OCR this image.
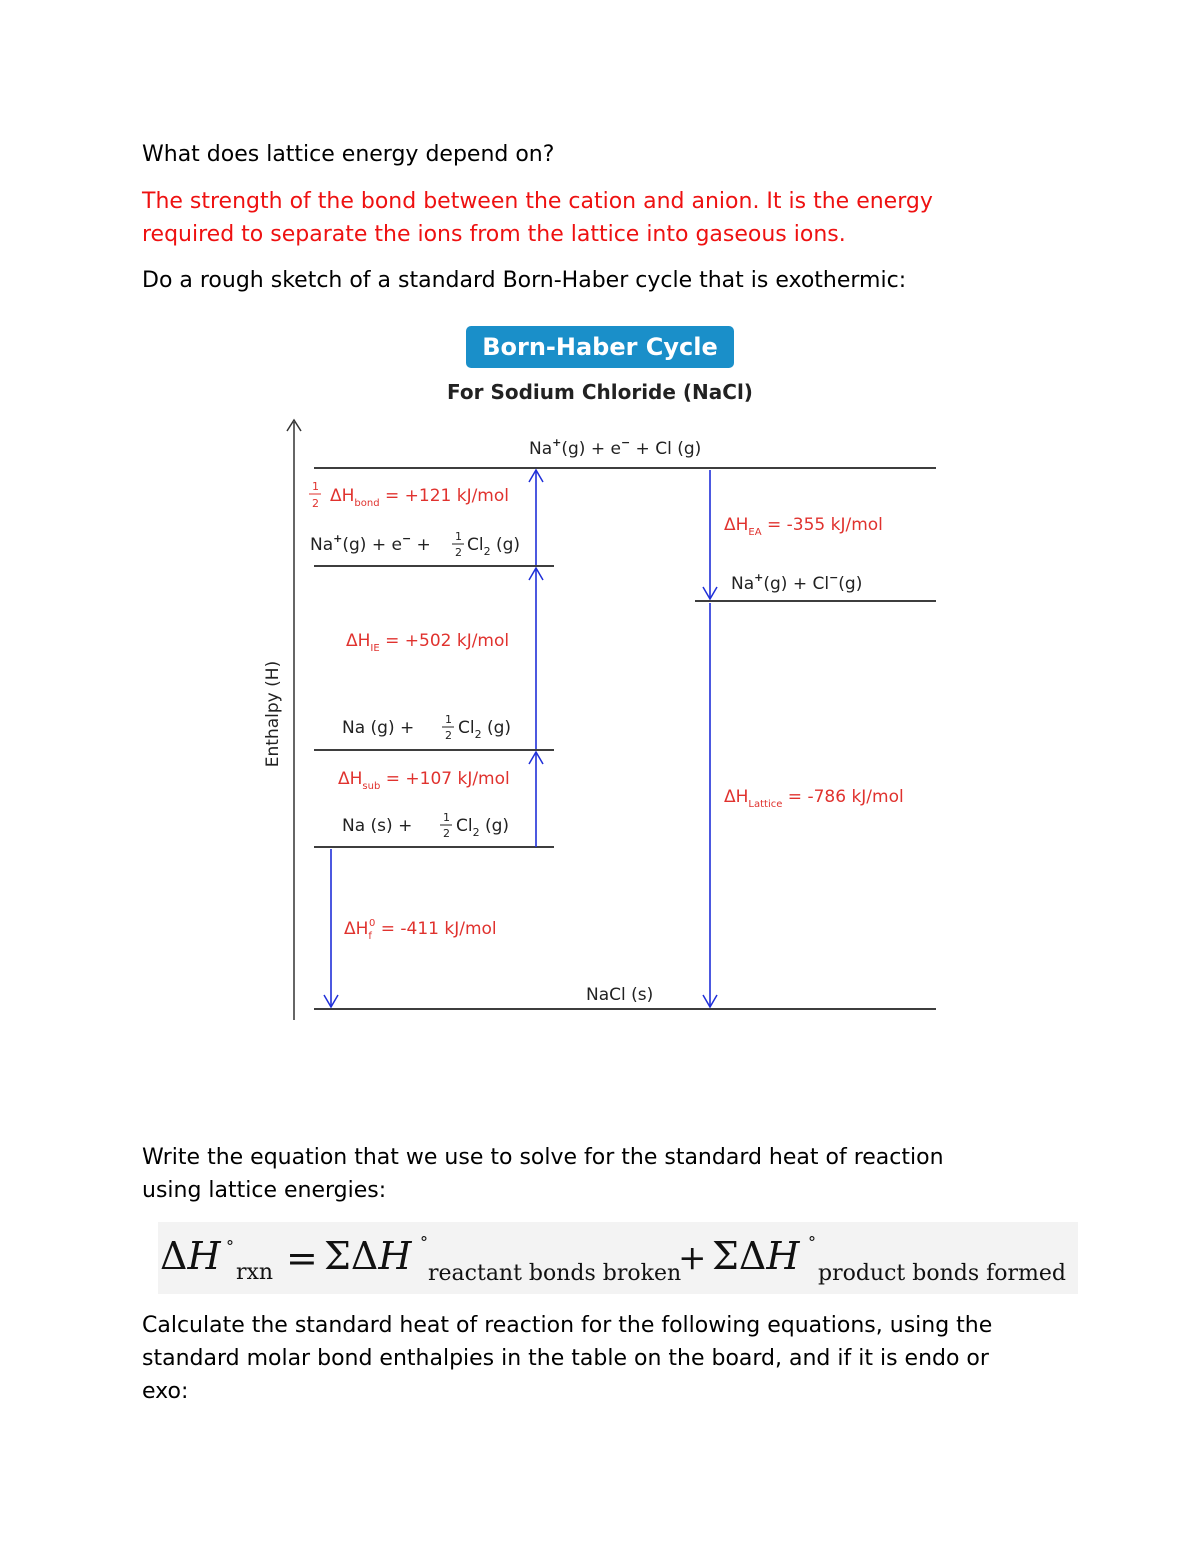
What does lattice energy depend on?

The strength of the bond between the cation and anion. It is the energy
required to separate the ions from the lattice into gaseous ions.

Do a rough sketch of a standard Born-Haber cycle that is exothermic:

Born-Haber Cycle
For Sodium Chloride (NaCl)
Enthalpy (H)
Na+(g) + e− + Cl (g)
Na+(g) + e− + 1
2 $Cl_2$ (g)
Na+(g) + Cl−(g)
Na (g) +	1
2 $Cl_2$ (g)
Na (s) +	1
2 $Cl_2$ (g)
NaCl (s)
1
2 $\Delta H_{bond} = +121$ kJ/mol
$\Delta H_{EA} = -355$ kJ/mol
$\Delta H_{IE} = +502$ kJ/mol
$\Delta H_{sub} = +107$ kJ/mol
$\Delta H_{Lattice} = -786$ kJ/mol
$\Delta H_f0 = -411$ kJ/mol
Write the equation that we use to solve for the standard heat of reaction
using lattice energies:
ΔH °
rxn = ΣΔH °
reactant bonds broken
+ ΣΔH °
product bonds formed
Calculate the standard heat of reaction for the following equations, using the
standard molar bond enthalpies in the table on the board, and if it is endo or
exo:
